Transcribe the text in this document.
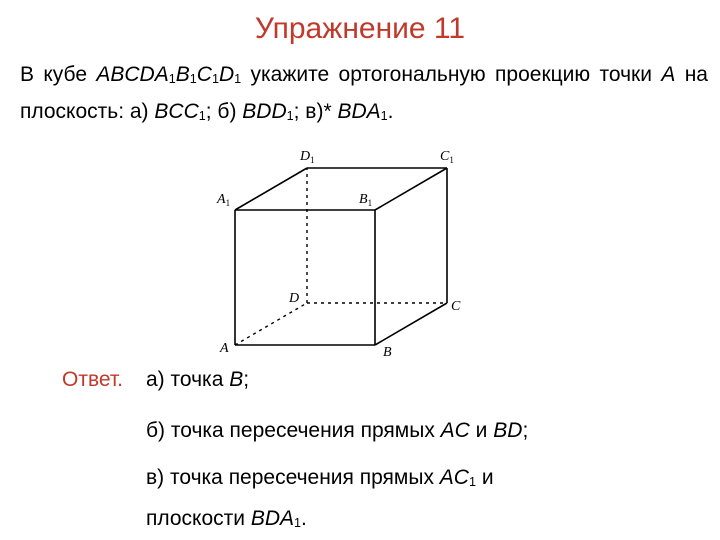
Упражнение 11
В кубе $ABCDA_1B_1C_1D_1$ укажите ортогональную проекцию точки A на плоскость: а) $BCC_1$; б) $BDD_1$; в)* $BDA_1$.
$D_1$	$C_1$
$A_1$	$B_1$
D
C
A	B
Ответ. а) точка B;
б) точка пересечения прямых AC и BD;
в) точка пересечения прямых $AC_1$ и
плоскости $BDA_1$.
